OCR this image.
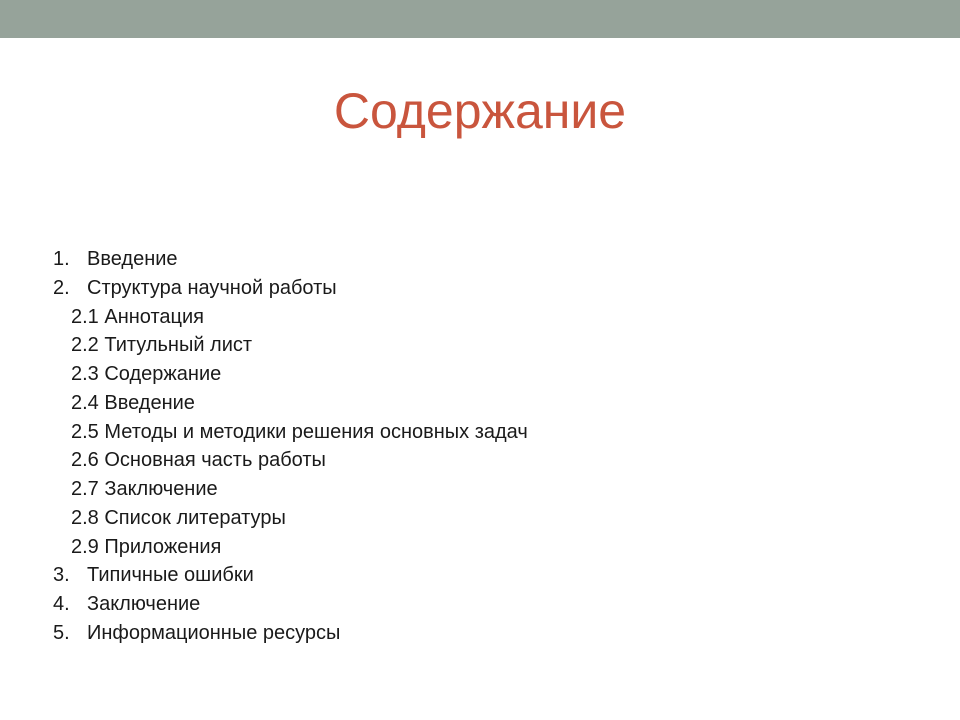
Содержание
1. Введение
2. Структура научной работы
2.1 Аннотация
2.2 Титульный лист
2.3 Содержание
2.4 Введение
2.5 Методы и методики решения основных задач
2.6 Основная часть работы
2.7 Заключение
2.8 Список литературы
2.9 Приложения
3. Типичные ошибки
4. Заключение
5. Информационные ресурсы
